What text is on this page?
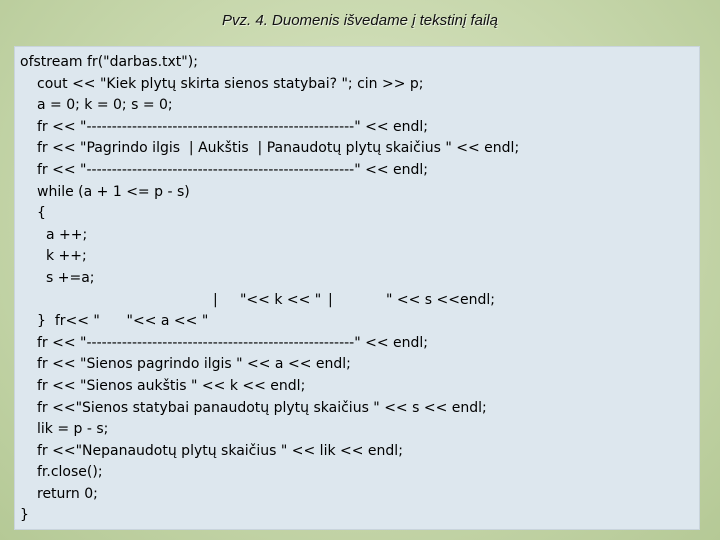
Pvz. 4. Duomenis išvedame į tekstinį failą
ofstream fr("darbas.txt");
cout << "Kiek plytų skirta sienos statybai? "; cin >> p;
a = 0; k = 0; s = 0;
fr << "-----------------------------------------------------" << endl;
fr << "Pagrindo ilgis  | Aukštis  | Panaudotų plytų skaičius " << endl;
fr << "-----------------------------------------------------" << endl;
while (a + 1 <= p - s)
{
a ++;
k ++;
s +=a;

fr<< "      "<< a << "

|     "<< k << "

|

	" << s <<endl;

}
fr << "-----------------------------------------------------" << endl;
fr << "Sienos pagrindo ilgis " << a << endl;
fr << "Sienos aukštis " << k << endl;
fr <<"Sienos statybai panaudotų plytų skaičius " << s << endl;
lik = p - s;
fr <<"Nepanaudotų plytų skaičius " << lik << endl;
fr.close();
return 0;
}
